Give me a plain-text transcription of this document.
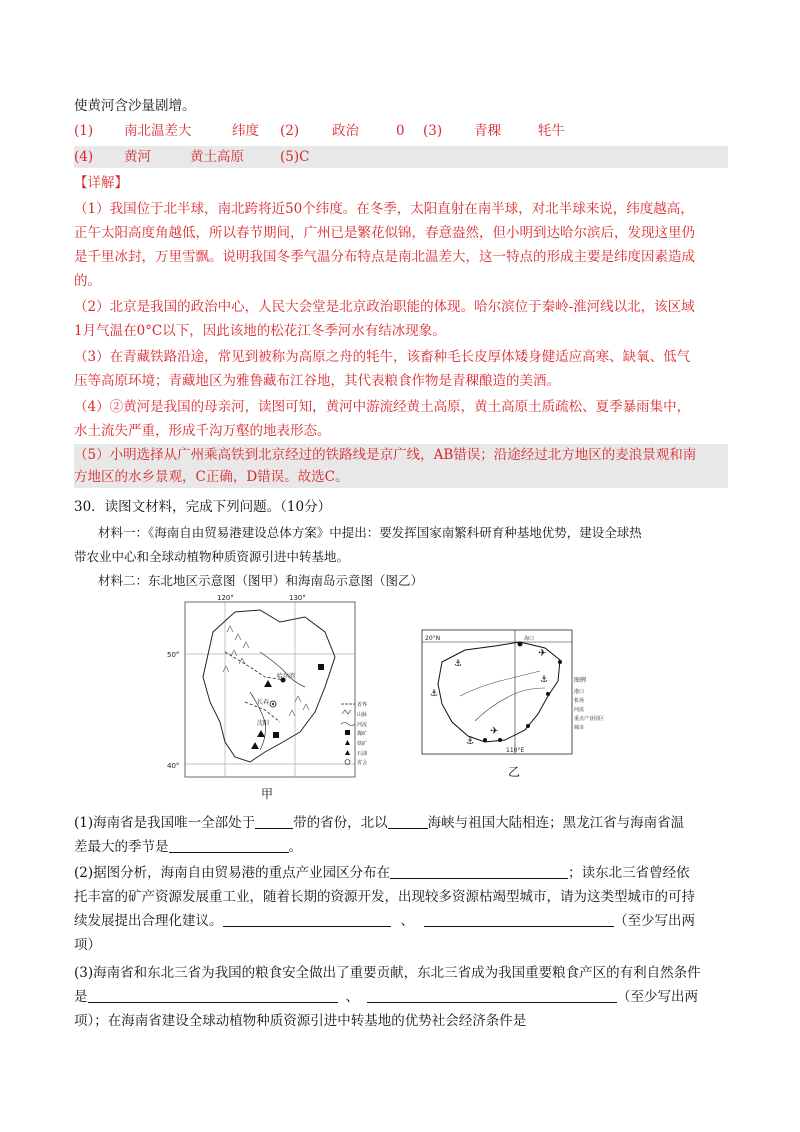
使黄河含沙量剧增。
(1) 南北温差大	纬度 (2) 政治	0 (3) 青稞	牦牛
(4) 黄河	黄土高原	(5)C
【详解】
（1）我国位于北半球，南北跨将近50个纬度。在冬季，太阳直射在南半球，对北半球来说，纬度越高，
正午太阳高度角越低，所以春节期间，广州已是繁花似锦，春意盎然，但小明到达哈尔滨后，发现这里仍
是千里冰封，万里雪飘。说明我国冬季气温分布特点是南北温差大，这一特点的形成主要是纬度因素造成
的。
（2）北京是我国的政治中心，人民大会堂是北京政治职能的体现。哈尔滨位于秦岭-淮河线以北，该区域
1月气温在0°C以下，因此该地的松花江冬季河水有结冰现象。
（3）在青藏铁路沿途，常见到被称为高原之舟的牦牛，该畜种毛长皮厚体矮身健适应高寒、缺氧、低气
压等高原环境；青藏地区为雅鲁藏布江谷地，其代表粮食作物是青稞酿造的美酒。
（4）②黄河是我国的母亲河，读图可知，黄河中游流经黄土高原，黄土高原土质疏松、夏季暴雨集中，
水土流失严重，形成千沟万壑的地表形态。
（5）小明选择从广州乘高铁到北京经过的铁路线是京广线，AB错误；沿途经过北方地区的麦浪景观和南
方地区的水乡景观，C正确，D错误。故选C。
30．读图文材料，完成下列问题。（10分）
材料一：《海南自由贸易港建设总体方案》中提出：要发挥国家南繁科研育种基地优势，建设全球热
带农业中心和全球动植物种质资源引进中转基地。
材料二：东北地区示意图（图甲）和海南岛示意图（图乙）
哈尔滨
长春
沈阳
120°	130°
50°
40°
省界
山脉
河流
煤矿
铁矿
石油
省会
甲
海口
20°N
110°E
⚓
⚓
⚓
⚓
✈
✈
图例
港口
机场
河流
重点产业园区
城市
乙
(1)海南省是我国唯一全部处于	带的省份，北以	海峡与祖国大陆相连；黑龙江省与海南省温
差最大的季节是	。
(2)据图分析，海南自由贸易港的重点产业园区分布在	；读东北三省曾经依
托丰富的矿产资源发展重工业，随着长期的资源开发，出现较多资源枯竭型城市，请为这类型城市的可持
续发展提出合理化建议。	、	（至少写出两
项）
(3)海南省和东北三省为我国的粮食安全做出了重要贡献，东北三省成为我国重要粮食产区的有利自然条件
是	、	（至少写出两
项）；在海南省建设全球动植物种质资源引进中转基地的优势社会经济条件是
